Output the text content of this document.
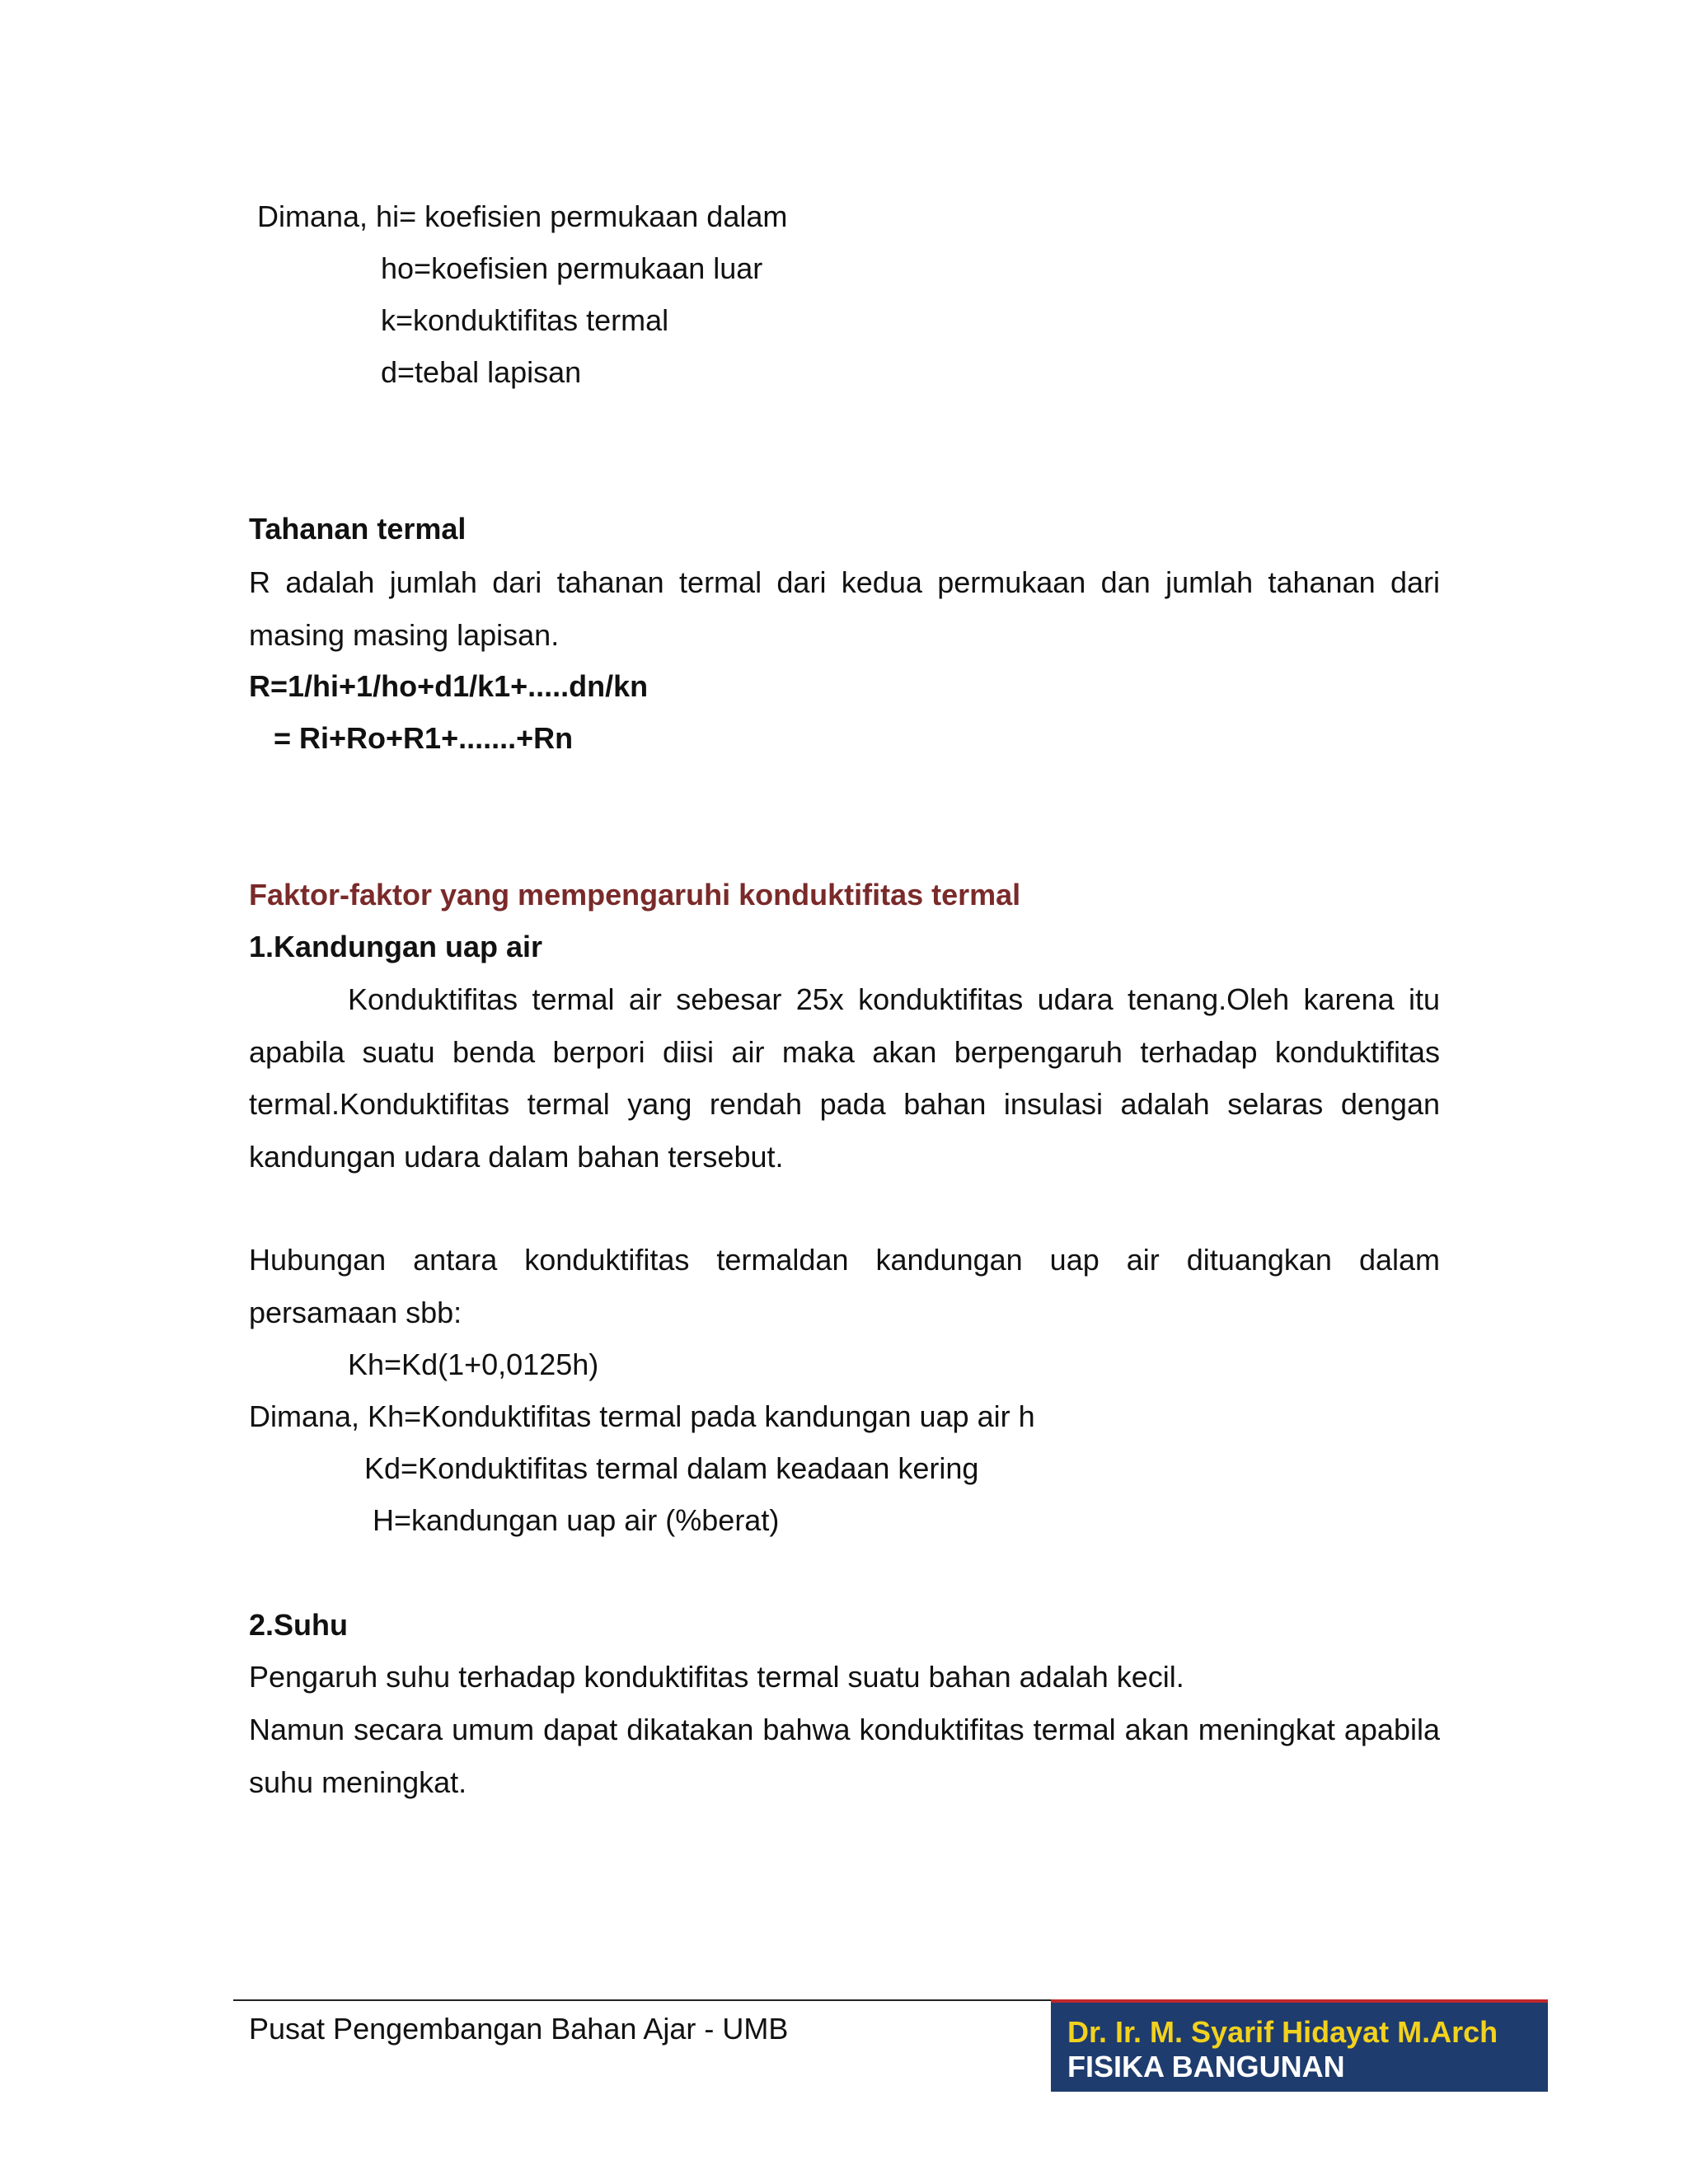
Dimana, hi= koefisien permukaan dalam
ho=koefisien permukaan luar
k=konduktifitas termal
d=tebal lapisan
Tahanan termal
R adalah jumlah dari tahanan termal dari kedua permukaan dan jumlah tahanan dari masing masing lapisan.
R=1/hi+1/ho+d1/k1+.....dn/kn
= Ri+Ro+R1+.......+Rn
Faktor-faktor yang mempengaruhi konduktifitas termal
1.Kandungan uap air
Konduktifitas termal air sebesar 25x konduktifitas udara tenang.Oleh karena itu apabila suatu benda berpori diisi air maka akan berpengaruh terhadap konduktifitas termal.Konduktifitas termal yang rendah pada bahan insulasi adalah selaras dengan kandungan udara dalam bahan tersebut.
Hubungan antara konduktifitas termaldan kandungan uap air dituangkan dalam persamaan sbb:
Kh=Kd(1+0,0125h)
Dimana, Kh=Konduktifitas termal pada kandungan uap air h
Kd=Konduktifitas termal dalam keadaan kering
H=kandungan uap air (%berat)
2.Suhu
Pengaruh suhu terhadap konduktifitas termal suatu bahan adalah kecil.
Namun secara umum dapat dikatakan bahwa konduktifitas termal akan meningkat apabila suhu meningkat.
Pusat Pengembangan Bahan Ajar - UMB	Dr. Ir. M. Syarif Hidayat M.Arch
FISIKA BANGUNAN
